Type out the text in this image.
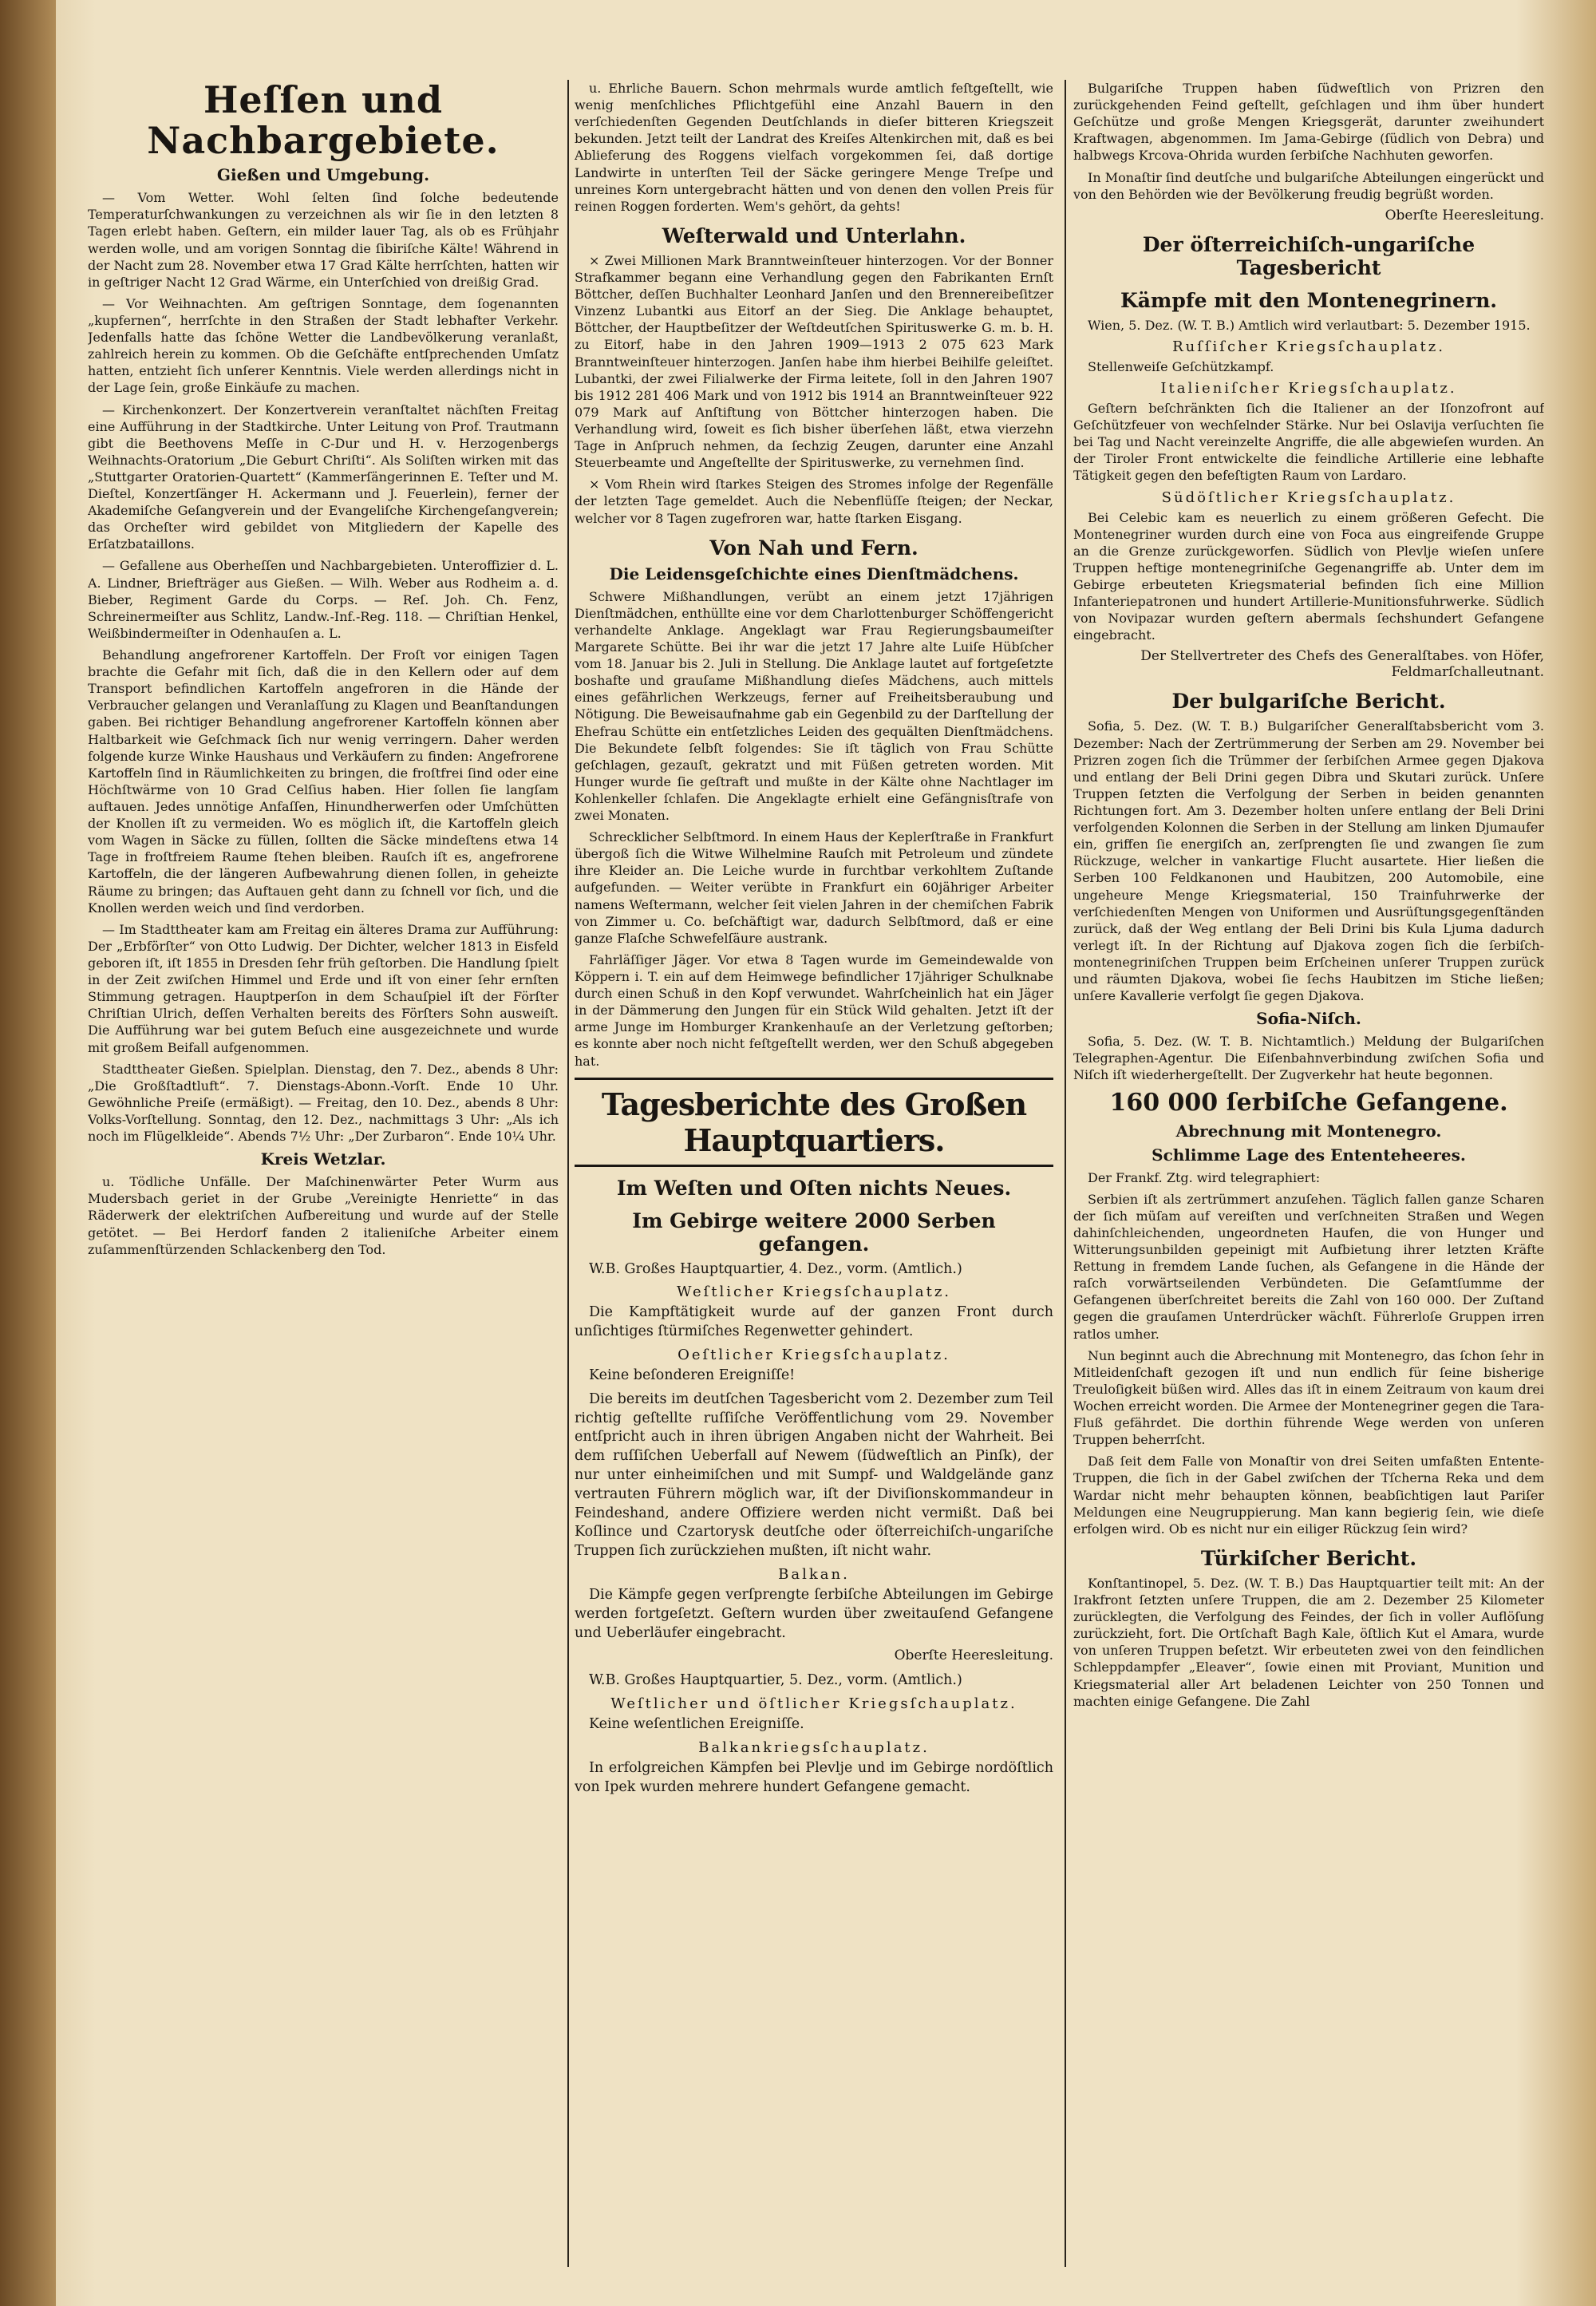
Heſſen und Nachbargebiete.
Gießen und Umgebung.

— Vom Wetter. Wohl ſelten ſind ſolche bedeutende Temperaturſchwankungen zu verzeichnen als wir ſie in den letzten 8 Tagen erlebt haben. Geſtern, ein milder lauer Tag, als ob es Frühjahr werden wolle, und am vorigen Sonntag die ſibiriſche Kälte! Während in der Nacht zum 28. November etwa 17 Grad Kälte herrſchten, hatten wir in geſtriger Nacht 12 Grad Wärme, ein Unterſchied von dreißig Grad.

— Vor Weihnachten. Am geſtrigen Sonntage, dem ſogenannten „kupfernen“, herrſchte in den Straßen der Stadt lebhafter Verkehr. Jedenfalls hatte das ſchöne Wetter die Landbevölkerung veranlaßt, zahlreich herein zu kommen. Ob die Geſchäfte entſprechenden Umſatz hatten, entzieht ſich unſerer Kenntnis. Viele werden allerdings nicht in der Lage ſein, große Einkäufe zu machen.

— Kirchenkonzert. Der Konzertverein veranſtaltet nächſten Freitag eine Aufführung in der Stadtkirche. Unter Leitung von Prof. Trautmann gibt die Beethovens Meſſe in C-Dur und H. v. Herzogenbergs Weihnachts-Oratorium „Die Geburt Chriſti“. Als Soliſten wirken mit das „Stuttgarter Oratorien-Quartett“ (Kammerſängerinnen E. Teſter und M. Dieſtel, Konzertſänger H. Ackermann und J. Feuerlein), ferner der Akademiſche Geſangverein und der Evangeliſche Kirchengeſangverein; das Orcheſter wird gebildet von Mitgliedern der Kapelle des Erſatzbataillons.

— Gefallene aus Oberheſſen und Nachbargebieten. Unteroffizier d. L. A. Lindner, Briefträger aus Gießen. — Wilh. Weber aus Rodheim a. d. Bieber, Regiment Garde du Corps. — Reſ. Joh. Ch. Fenz, Schreinermeiſter aus Schlitz, Landw.-Inf.-Reg. 118. — Chriſtian Henkel, Weißbindermeiſter in Odenhauſen a. L.

Behandlung angefrorener Kartoffeln. Der Froſt vor einigen Tagen brachte die Gefahr mit ſich, daß die in den Kellern oder auf dem Transport befindlichen Kartoffeln angefroren in die Hände der Verbraucher gelangen und Veranlaſſung zu Klagen und Beanſtandungen gaben. Bei richtiger Behandlung angefrorener Kartoffeln können aber Haltbarkeit wie Geſchmack ſich nur wenig verringern. Daher werden folgende kurze Winke Haushaus und Verkäufern zu finden: Angefrorene Kartoffeln ſind in Räumlichkeiten zu bringen, die froſtfrei ſind oder eine Höchſtwärme von 10 Grad Celſius haben. Hier ſollen ſie langſam auftauen. Jedes unnötige Anfaſſen, Hinundherwerfen oder Umſchütten der Knollen iſt zu vermeiden. Wo es möglich iſt, die Kartoffeln gleich vom Wagen in Säcke zu füllen, ſollten die Säcke mindeſtens etwa 14 Tage in froſtfreiem Raume ſtehen bleiben. Rauſch iſt es, angefrorene Kartoffeln, die der längeren Aufbewahrung dienen ſollen, in geheizte Räume zu bringen; das Auftauen geht dann zu ſchnell vor ſich, und die Knollen werden weich und ſind verdorben.

— Im Stadttheater kam am Freitag ein älteres Drama zur Aufführung: Der „Erbförſter“ von Otto Ludwig. Der Dichter, welcher 1813 in Eisfeld geboren iſt, iſt 1855 in Dresden ſehr früh geſtorben. Die Handlung ſpielt in der Zeit zwiſchen Himmel und Erde und iſt von einer ſehr ernſten Stimmung getragen. Hauptperſon in dem Schauſpiel iſt der Förſter Chriſtian Ulrich, deſſen Verhalten bereits des Förſters Sohn ausweiſt. Die Aufführung war bei gutem Beſuch eine ausgezeichnete und wurde mit großem Beifall aufgenommen.

Stadttheater Gießen. Spielplan. Dienstag, den 7. Dez., abends 8 Uhr: „Die Großſtadtluft“. 7. Dienstags-Abonn.-Vorſt. Ende 10 Uhr. Gewöhnliche Preiſe (ermäßigt). — Freitag, den 10. Dez., abends 8 Uhr: Volks-Vorſtellung. Sonntag, den 12. Dez., nachmittags 3 Uhr: „Als ich noch im Flügelkleide“. Abends 7½ Uhr: „Der Zurbaron“. Ende 10¼ Uhr.

Kreis Wetzlar.

u. Tödliche Unfälle. Der Maſchinenwärter Peter Wurm aus Mudersbach geriet in der Grube „Vereinigte Henriette“ in das Räderwerk der elektriſchen Aufbereitung und wurde auf der Stelle getötet. — Bei Herdorf fanden 2 italieniſche Arbeiter einem zuſammenſtürzenden Schlackenberg den Tod.

u. Ehrliche Bauern. Schon mehrmals wurde amtlich feſtgeſtellt, wie wenig menſchliches Pflichtgefühl eine Anzahl Bauern in den verſchiedenſten Gegenden Deutſchlands in dieſer bitteren Kriegszeit bekunden. Jetzt teilt der Landrat des Kreiſes Altenkirchen mit, daß es bei Ablieferung des Roggens vielfach vorgekommen ſei, daß dortige Landwirte in unterſten Teil der Säcke geringere Menge Treſpe und unreines Korn untergebracht hätten und von denen den vollen Preis für reinen Roggen forderten. Wem's gehört, da gehts!

Weſterwald und Unterlahn.

× Zwei Millionen Mark Branntweinſteuer hinterzogen. Vor der Bonner Strafkammer begann eine Verhandlung gegen den Fabrikanten Ernſt Böttcher, deſſen Buchhalter Leonhard Janſen und den Brennereibeſitzer Vinzenz Lubantki aus Eitorf an der Sieg. Die Anklage behauptet, Böttcher, der Hauptbeſitzer der Weſtdeutſchen Spirituswerke G. m. b. H. zu Eitorf, habe in den Jahren 1909—1913 2 075 623 Mark Branntweinſteuer hinterzogen. Janſen habe ihm hierbei Beihilfe geleiſtet. Lubantki, der zwei Filialwerke der Firma leitete, ſoll in den Jahren 1907 bis 1912 281 406 Mark und von 1912 bis 1914 an Branntweinſteuer 922 079 Mark auf Anſtiftung von Böttcher hinterzogen haben. Die Verhandlung wird, ſoweit es ſich bisher überſehen läßt, etwa vierzehn Tage in Anſpruch nehmen, da ſechzig Zeugen, darunter eine Anzahl Steuerbeamte und Angeſtellte der Spirituswerke, zu vernehmen ſind.

× Vom Rhein wird ſtarkes Steigen des Stromes infolge der Regenfälle der letzten Tage gemeldet. Auch die Nebenflüſſe ſteigen; der Neckar, welcher vor 8 Tagen zugefroren war, hatte ſtarken Eisgang.

Von Nah und Fern.
Die Leidensgeſchichte eines Dienſtmädchens.

Schwere Mißhandlungen, verübt an einem jetzt 17jährigen Dienſtmädchen, enthüllte eine vor dem Charlottenburger Schöffengericht verhandelte Anklage. Angeklagt war Frau Regierungsbaumeiſter Margarete Schütte. Bei ihr war die jetzt 17 Jahre alte Luiſe Hübſcher vom 18. Januar bis 2. Juli in Stellung. Die Anklage lautet auf fortgeſetzte boshafte und grauſame Mißhandlung dieſes Mädchens, auch mittels eines gefährlichen Werkzeugs, ferner auf Freiheitsberaubung und Nötigung. Die Beweisaufnahme gab ein Gegenbild zu der Darſtellung der Ehefrau Schütte ein entſetzliches Leiden des gequälten Dienſtmädchens. Die Bekundete ſelbſt folgendes: Sie iſt täglich von Frau Schütte geſchlagen, gezauſt, gekratzt und mit Füßen getreten worden. Mit Hunger wurde ſie geſtraft und mußte in der Kälte ohne Nachtlager im Kohlenkeller ſchlafen. Die Angeklagte erhielt eine Gefängnisſtrafe von zwei Monaten.

Schrecklicher Selbſtmord. In einem Haus der Keplerſtraße in Frankfurt übergoß ſich die Witwe Wilhelmine Rauſch mit Petroleum und zündete ihre Kleider an. Die Leiche wurde in furchtbar verkohltem Zuſtande aufgefunden. — Weiter verübte in Frankfurt ein 60jähriger Arbeiter namens Weſtermann, welcher ſeit vielen Jahren in der chemiſchen Fabrik von Zimmer u. Co. beſchäftigt war, dadurch Selbſtmord, daß er eine ganze Flaſche Schwefelſäure austrank.

Fahrläſſiger Jäger. Vor etwa 8 Tagen wurde im Gemeindewalde von Köppern i. T. ein auf dem Heimwege befindlicher 17jähriger Schulknabe durch einen Schuß in den Kopf verwundet. Wahrſcheinlich hat ein Jäger in der Dämmerung den Jungen für ein Stück Wild gehalten. Jetzt iſt der arme Junge im Homburger Krankenhauſe an der Verletzung geſtorben; es konnte aber noch nicht feſtgeſtellt werden, wer den Schuß abgegeben hat.

Tagesberichte des Großen Hauptquartiers.
Im Weſten und Oſten nichts Neues.
Im Gebirge weitere 2000 Serben gefangen.

W.B. Großes Hauptquartier, 4. Dez., vorm. (Amtlich.)

Weſtlicher Kriegsſchauplatz.

Die Kampftätigkeit wurde auf der ganzen Front durch unſichtiges ſtürmiſches Regenwetter gehindert.

Oeſtlicher Kriegsſchauplatz.

Keine beſonderen Ereigniſſe!

Die bereits im deutſchen Tagesbericht vom 2. Dezember zum Teil richtig geſtellte ruſſiſche Veröffentlichung vom 29. November entſpricht auch in ihren übrigen Angaben nicht der Wahrheit. Bei dem ruſſiſchen Ueberfall auf Newem (ſüdweſtlich an Pinſk), der nur unter einheimiſchen und mit Sumpf- und Waldgelände ganz vertrauten Führern möglich war, iſt der Diviſionskommandeur in Feindeshand, andere Offiziere werden nicht vermißt. Daß bei Koſlince und Czartorysk deutſche oder öſterreichiſch-ungariſche Truppen ſich zurückziehen mußten, iſt nicht wahr.

Balkan.

Die Kämpfe gegen verſprengte ſerbiſche Abteilungen im Gebirge werden fortgeſetzt. Geſtern wurden über zweitauſend Gefangene und Ueberläufer eingebracht.

Oberſte Heeresleitung.

W.B. Großes Hauptquartier, 5. Dez., vorm. (Amtlich.)

Weſtlicher und öſtlicher Kriegsſchauplatz.

Keine weſentlichen Ereigniſſe.

Balkankriegsſchauplatz.

In erfolgreichen Kämpfen bei Plevlje und im Gebirge nordöſtlich von Ipek wurden mehrere hundert Gefangene gemacht.

Bulgariſche Truppen haben ſüdweſtlich von Prizren den zurückgehenden Feind geſtellt, geſchlagen und ihm über hundert Geſchütze und große Mengen Kriegsgerät, darunter zweihundert Kraftwagen, abgenommen. Im Jama-Gebirge (ſüdlich von Debra) und halbwegs Krcova-Ohrida wurden ſerbiſche Nachhuten geworfen.

In Monaſtir ſind deutſche und bulgariſche Abteilungen eingerückt und von den Behörden wie der Bevölkerung freudig begrüßt worden.

Oberſte Heeresleitung.
Der öſterreichiſch-ungariſche Tagesbericht
Kämpfe mit den Montenegrinern.

Wien, 5. Dez. (W. T. B.) Amtlich wird verlautbart: 5. Dezember 1915.

Ruſſiſcher Kriegsſchauplatz.

Stellenweiſe Geſchützkampf.

Italieniſcher Kriegsſchauplatz.

Geſtern beſchränkten ſich die Italiener an der Iſonzofront auf Geſchützfeuer von wechſelnder Stärke. Nur bei Oslavija verſuchten ſie bei Tag und Nacht vereinzelte Angriffe, die alle abgewieſen wurden. An der Tiroler Front entwickelte die feindliche Artillerie eine lebhafte Tätigkeit gegen den befeſtigten Raum von Lardaro.

Südöſtlicher Kriegsſchauplatz.

Bei Celebic kam es neuerlich zu einem größeren Gefecht. Die Montenegriner wurden durch eine von Foca aus eingreifende Gruppe an die Grenze zurückgeworfen. Südlich von Plevlje wieſen unſere Truppen heftige montenegriniſche Gegenangriffe ab. Unter dem im Gebirge erbeuteten Kriegsmaterial befinden ſich eine Million Infanteriepatronen und hundert Artillerie-Munitionsfuhrwerke. Südlich von Novipazar wurden geſtern abermals ſechshundert Gefangene eingebracht.

Der Stellvertreter des Chefs des Generalſtabes. von Höfer, Feldmarſchalleutnant.
Der bulgariſche Bericht.

Sofia, 5. Dez. (W. T. B.) Bulgariſcher Generalſtabsbericht vom 3. Dezember: Nach der Zertrümmerung der Serben am 29. November bei Prizren zogen ſich die Trümmer der ſerbiſchen Armee gegen Djakova und entlang der Beli Drini gegen Dibra und Skutari zurück. Unſere Truppen ſetzten die Verfolgung der Serben in beiden genannten Richtungen fort. Am 3. Dezember holten unſere entlang der Beli Drini verfolgenden Kolonnen die Serben in der Stellung am linken Djumaufer ein, griffen ſie energiſch an, zerſprengten ſie und zwangen ſie zum Rückzuge, welcher in vankartige Flucht ausartete. Hier ließen die Serben 100 Feldkanonen und Haubitzen, 200 Automobile, eine ungeheure Menge Kriegsmaterial, 150 Trainfuhrwerke der verſchiedenſten Mengen von Uniformen und Ausrüſtungsgegenſtänden zurück, daß der Weg entlang der Beli Drini bis Kula Ljuma dadurch verlegt iſt. In der Richtung auf Djakova zogen ſich die ſerbiſch-montenegriniſchen Truppen beim Erſcheinen unſerer Truppen zurück und räumten Djakova, wobei ſie ſechs Haubitzen im Stiche ließen; unſere Kavallerie verfolgt ſie gegen Djakova.

Sofia-Niſch.

Sofia, 5. Dez. (W. T. B. Nichtamtlich.) Meldung der Bulgariſchen Telegraphen-Agentur. Die Eiſenbahnverbindung zwiſchen Sofia und Niſch iſt wiederhergeſtellt. Der Zugverkehr hat heute begonnen.

160 000 ſerbiſche Gefangene.
Abrechnung mit Montenegro.
Schlimme Lage des Ententeheeres.

Der Frankf. Ztg. wird telegraphiert:

Serbien iſt als zertrümmert anzuſehen. Täglich fallen ganze Scharen der ſich müſam auf vereiſten und verſchneiten Straßen und Wegen dahinſchleichenden, ungeordneten Haufen, die von Hunger und Witterungsunbilden gepeinigt mit Aufbietung ihrer letzten Kräfte Rettung in fremdem Lande ſuchen, als Gefangene in die Hände der raſch vorwärtseilenden Verbündeten. Die Geſamtſumme der Gefangenen überſchreitet bereits die Zahl von 160 000. Der Zuſtand gegen die grauſamen Unterdrücker wächſt. Führerloſe Gruppen irren ratlos umher.

Nun beginnt auch die Abrechnung mit Montenegro, das ſchon ſehr in Mitleidenſchaft gezogen iſt und nun endlich für ſeine bisherige Treuloſigkeit büßen wird. Alles das iſt in einem Zeitraum von kaum drei Wochen erreicht worden. Die Armee der Montenegriner gegen die Tara-Fluß gefährdet. Die dorthin führende Wege werden von unſeren Truppen beherrſcht.

Daß ſeit dem Falle von Monaſtir von drei Seiten umfaßten Entente-Truppen, die ſich in der Gabel zwiſchen der Tſcherna Reka und dem Wardar nicht mehr behaupten können, beabſichtigen laut Pariſer Meldungen eine Neugruppierung. Man kann begierig ſein, wie dieſe erfolgen wird. Ob es nicht nur ein eiliger Rückzug ſein wird?

Türkiſcher Bericht.

Konſtantinopel, 5. Dez. (W. T. B.) Das Hauptquartier teilt mit: An der Irakfront ſetzten unſere Truppen, die am 2. Dezember 25 Kilometer zurücklegten, die Verfolgung des Feindes, der ſich in voller Auflöſung zurückzieht, fort. Die Ortſchaft Bagh Kale, öſtlich Kut el Amara, wurde von unſeren Truppen beſetzt. Wir erbeuteten zwei von den feindlichen Schleppdampfer „Eleaver“, ſowie einen mit Proviant, Munition und Kriegsmaterial aller Art beladenen Leichter von 250 Tonnen und machten einige Gefangene. Die Zahl
